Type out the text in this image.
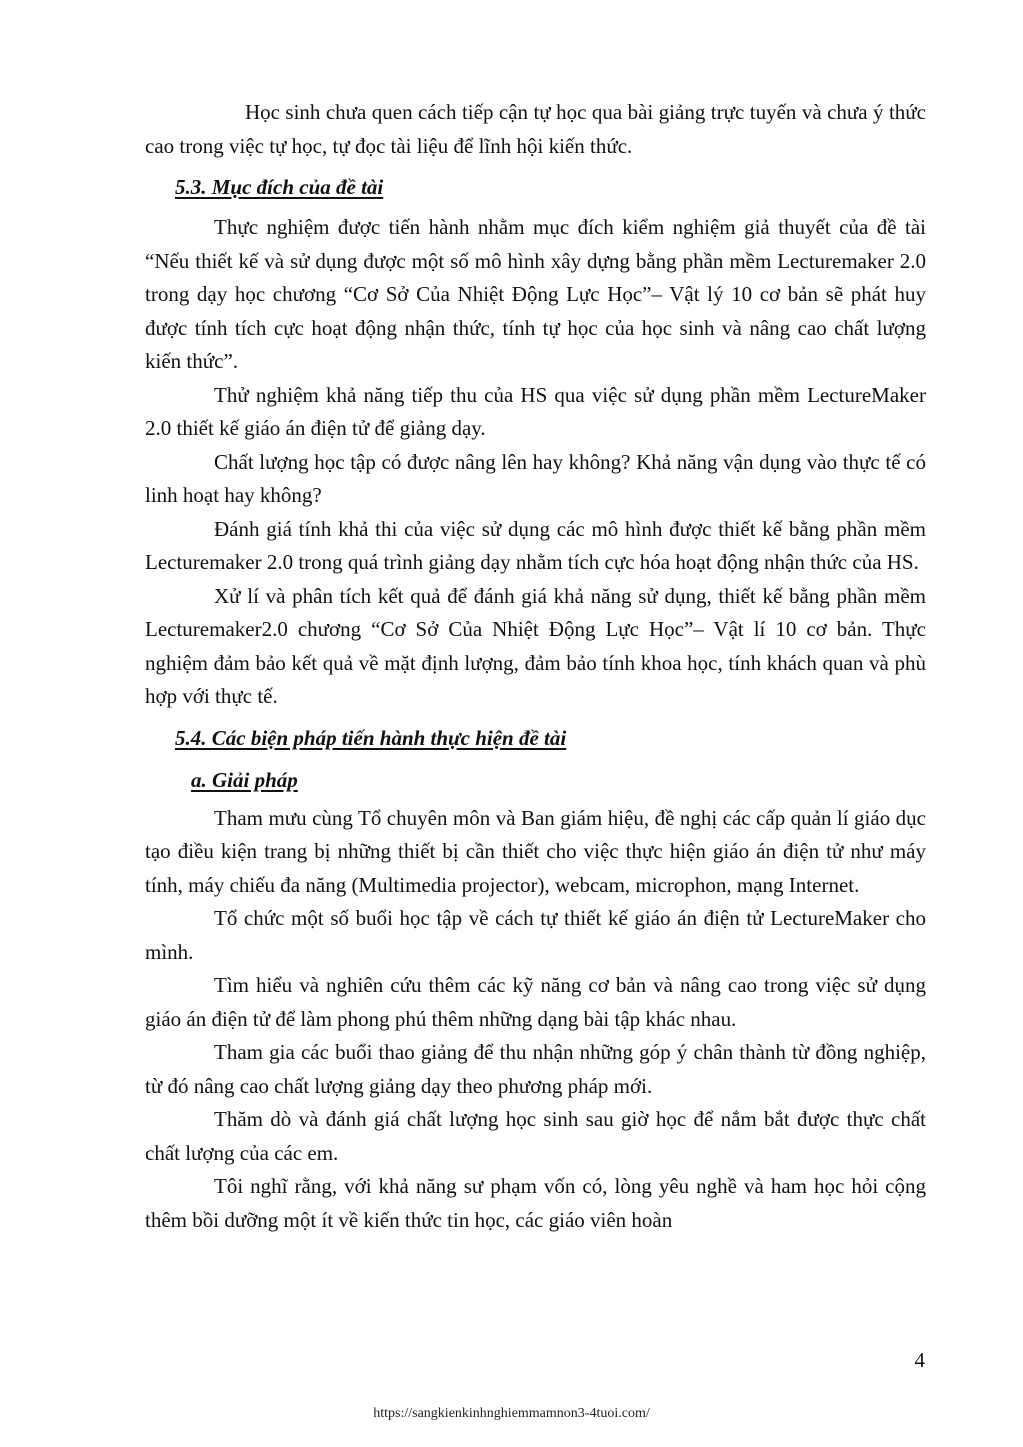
Học sinh chưa quen cách tiếp cận tự học qua bài giảng trực tuyến và chưa ý thức cao trong việc tự học, tự đọc tài liệu để lĩnh hội kiến thức.

5.3. Mục đích của đề tài

Thực nghiệm được tiến hành nhằm mục đích kiểm nghiệm giả thuyết của đề tài “Nếu thiết kế và sử dụng được một số mô hình xây dựng bằng phần mềm Lecturemaker 2.0 trong dạy học chương “Cơ Sở Của Nhiệt Động Lực Học”– Vật lý 10 cơ bản sẽ phát huy được tính tích cực hoạt động nhận thức, tính tự học của học sinh và nâng cao chất lượng kiến thức”.

Thử nghiệm khả năng tiếp thu của HS qua việc sử dụng phần mềm LectureMaker 2.0 thiết kế giáo án điện tử để giảng dạy.

Chất lượng học tập có được nâng lên hay không? Khả năng vận dụng vào thực tế có linh hoạt hay không?

Đánh giá tính khả thi của việc sử dụng các mô hình được thiết kế bằng phần mềm Lecturemaker 2.0 trong quá trình giảng dạy nhằm tích cực hóa hoạt động nhận thức của HS.

Xử lí và phân tích kết quả để đánh giá khả năng sử dụng, thiết kế bằng phần mềm Lecturemaker2.0 chương “Cơ Sở Của Nhiệt Động Lực Học”– Vật lí 10 cơ bản. Thực nghiệm đảm bảo kết quả về mặt định lượng, đảm bảo tính khoa học, tính khách quan và phù hợp với thực tế.

5.4. Các biện pháp tiến hành thực hiện đề tài
a. Giải pháp

Tham mưu cùng Tổ chuyên môn và Ban giám hiệu, đề nghị các cấp quản lí giáo dục tạo điều kiện trang bị những thiết bị cần thiết cho việc thực hiện giáo án điện tử như máy tính, máy chiếu đa năng (Multimedia projector), webcam, microphon, mạng Internet.

Tổ chức một số buổi học tập về cách tự thiết kế giáo án điện tử LectureMaker cho mình.

Tìm hiểu và nghiên cứu thêm các kỹ năng cơ bản và nâng cao trong việc sử dụng giáo án điện tử để làm phong phú thêm những dạng bài tập khác nhau.

Tham gia các buổi thao giảng để thu nhận những góp ý chân thành từ đồng nghiệp, từ đó nâng cao chất lượng giảng dạy theo phương pháp mới.

Thăm dò và đánh giá chất lượng học sinh sau giờ học để nắm bắt được thực chất chất lượng của các em.

Tôi nghĩ rằng, với khả năng sư phạm vốn có, lòng yêu nghề và ham học hỏi cộng thêm bồi dưỡng một ít về kiến thức tin học, các giáo viên hoàn

4
https://sangkienkinhnghiemmamnon3-4tuoi.com/
